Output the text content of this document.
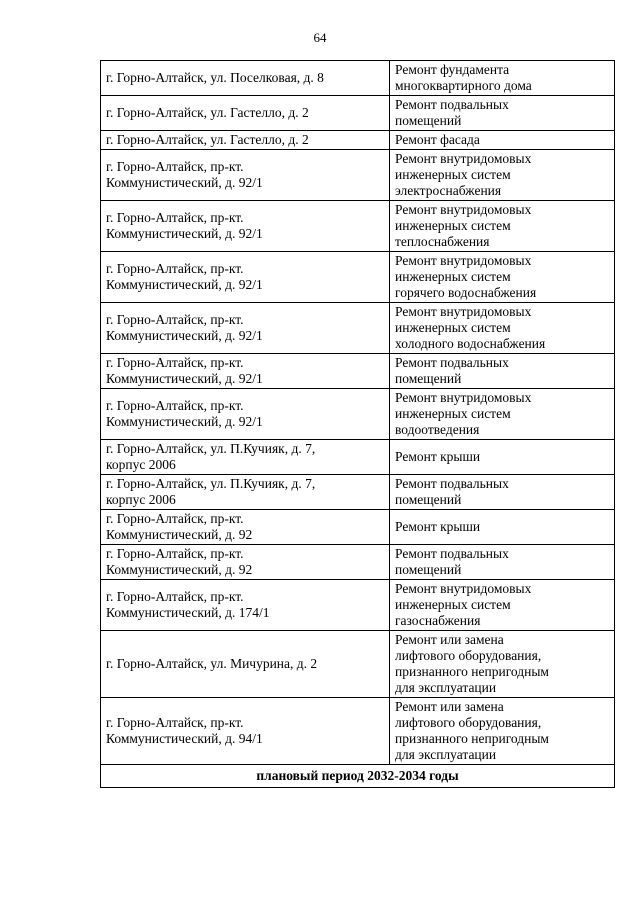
64
г. Горно-Алтайск, ул. Поселковая, д. 8	Ремонт фундамента
многоквартирного дома
г. Горно-Алтайск, ул. Гастелло, д. 2	Ремонт подвальных
помещений
г. Горно-Алтайск, ул. Гастелло, д. 2	Ремонт фасада
г. Горно-Алтайск, пр-кт.
Коммунистический, д. 92/1	Ремонт внутридомовых
инженерных систем
электроснабжения
г. Горно-Алтайск, пр-кт.
Коммунистический, д. 92/1	Ремонт внутридомовых
инженерных систем
теплоснабжения
г. Горно-Алтайск, пр-кт.
Коммунистический, д. 92/1	Ремонт внутридомовых
инженерных систем
горячего водоснабжения
г. Горно-Алтайск, пр-кт.
Коммунистический, д. 92/1	Ремонт внутридомовых
инженерных систем
холодного водоснабжения
г. Горно-Алтайск, пр-кт.
Коммунистический, д. 92/1	Ремонт подвальных
помещений
г. Горно-Алтайск, пр-кт.
Коммунистический, д. 92/1	Ремонт внутридомовых
инженерных систем
водоотведения
г. Горно-Алтайск, ул. П.Кучияк, д. 7,
корпус 2006	Ремонт крыши
г. Горно-Алтайск, ул. П.Кучияк, д. 7,
корпус 2006	Ремонт подвальных
помещений
г. Горно-Алтайск, пр-кт.
Коммунистический, д. 92	Ремонт крыши
г. Горно-Алтайск, пр-кт.
Коммунистический, д. 92	Ремонт подвальных
помещений
г. Горно-Алтайск, пр-кт.
Коммунистический, д. 174/1	Ремонт внутридомовых
инженерных систем
газоснабжения
г. Горно-Алтайск, ул. Мичурина, д. 2	Ремонт или замена
лифтового оборудования,
признанного непригодным
для эксплуатации
г. Горно-Алтайск, пр-кт.
Коммунистический, д. 94/1	Ремонт или замена
лифтового оборудования,
признанного непригодным
для эксплуатации
плановый период 2032-2034 годы	
